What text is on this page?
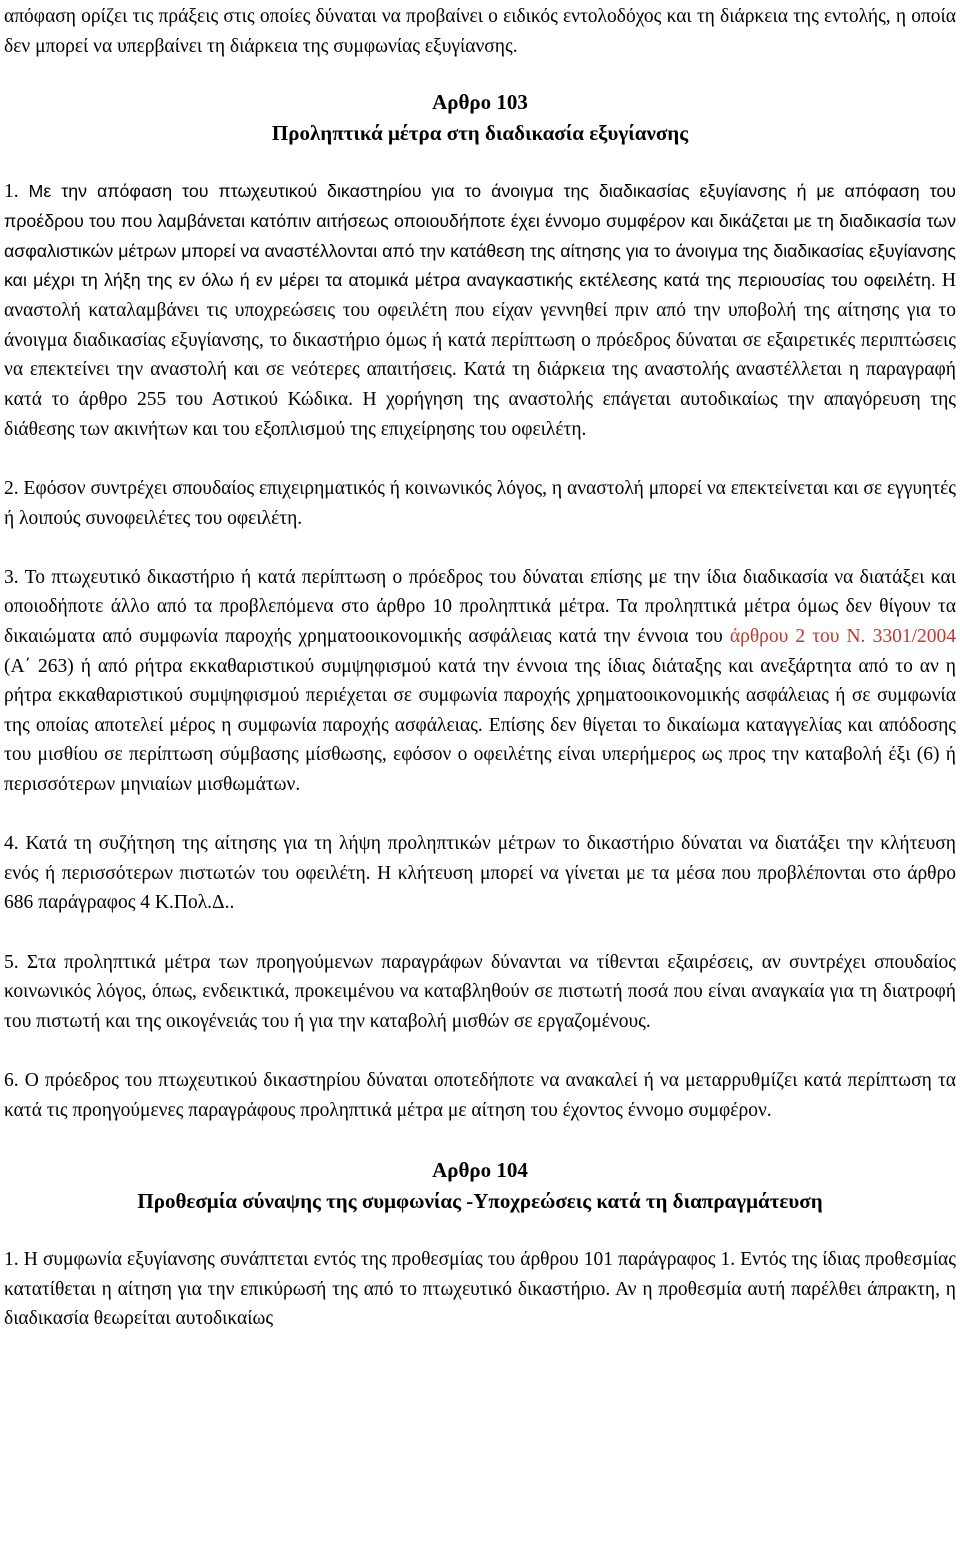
απόφαση ορίζει τις πράξεις στις οποίες δύναται να προβαίνει ο ειδικός εντολοδόχος και τη διάρκεια της εντολής, η οποία δεν μπορεί να υπερβαίνει τη διάρκεια της συμφωνίας εξυγίανσης.

Αρθρο 103
Προληπτικά μέτρα στη διαδικασία εξυγίανσης

1. Με την απόφαση του πτωχευτικού δικαστηρίου για το άνοιγμα της διαδικασίας εξυγίανσης ή με απόφαση του προέδρου του που λαμβάνεται κατόπιν αιτήσεως οποιουδήποτε έχει έννομο συμφέρον και δικάζεται με τη διαδικασία των ασφαλιστικών μέτρων μπορεί να αναστέλλονται από την κατάθεση της αίτησης για το άνοιγμα της διαδικασίας εξυγίανσης και μέχρι τη λήξη της εν όλω ή εν μέρει τα ατομικά μέτρα αναγκαστικής εκτέλεσης κατά της περιουσίας του οφειλέτη. Η αναστολή καταλαμβάνει τις υποχρεώσεις του οφειλέτη που είχαν γεννηθεί πριν από την υποβολή της αίτησης για το άνοιγμα διαδικασίας εξυγίανσης, το δικαστήριο όμως ή κατά περίπτωση ο πρόεδρος δύναται σε εξαιρετικές περιπτώσεις να επεκτείνει την αναστολή και σε νεότερες απαιτήσεις. Κατά τη διάρκεια της αναστολής αναστέλλεται η παραγραφή κατά το άρθρο 255 του Αστικού Κώδικα. Η χορήγηση της αναστολής επάγεται αυτοδικαίως την απαγόρευση της διάθεσης των ακινήτων και του εξοπλισμού της επιχείρησης του οφειλέτη.

2. Εφόσον συντρέχει σπουδαίος επιχειρηματικός ή κοινωνικός λόγος, η αναστολή μπορεί να επεκτείνεται και σε εγγυητές ή λοιπούς συνοφειλέτες του οφειλέτη.

3. Το πτωχευτικό δικαστήριο ή κατά περίπτωση ο πρόεδρος του δύναται επίσης με την ίδια διαδικασία να διατάξει και οποιοδήποτε άλλο από τα προβλεπόμενα στο άρθρο 10 προληπτικά μέτρα. Τα προληπτικά μέτρα όμως δεν θίγουν τα δικαιώματα από συμφωνία παροχής χρηματοοικονομικής ασφάλειας κατά την έννοια του άρθρου 2 του Ν. 3301/2004 (Α΄ 263) ή από ρήτρα εκκαθαριστικού συμψηφισμού κατά την έννοια της ίδιας διάταξης και ανεξάρτητα από το αν η ρήτρα εκκαθαριστικού συμψηφισμού περιέχεται σε συμφωνία παροχής χρηματοοικονομικής ασφάλειας ή σε συμφωνία της οποίας αποτελεί μέρος η συμφωνία παροχής ασφάλειας. Επίσης δεν θίγεται το δικαίωμα καταγγελίας και απόδοσης του μισθίου σε περίπτωση σύμβασης μίσθωσης, εφόσον ο οφειλέτης είναι υπερήμερος ως προς την καταβολή έξι (6) ή περισσότερων μηνιαίων μισθωμάτων.

4. Κατά τη συζήτηση της αίτησης για τη λήψη προληπτικών μέτρων το δικαστήριο δύναται να διατάξει την κλήτευση ενός ή περισσότερων πιστωτών του οφειλέτη. Η κλήτευση μπορεί να γίνεται με τα μέσα που προβλέπονται στο άρθρο 686 παράγραφος 4 Κ.Πολ.Δ..

5. Στα προληπτικά μέτρα των προηγούμενων παραγράφων δύνανται να τίθενται εξαιρέσεις, αν συντρέχει σπουδαίος κοινωνικός λόγος, όπως, ενδεικτικά, προκειμένου να καταβληθούν σε πιστωτή ποσά που είναι αναγκαία για τη διατροφή του πιστωτή και της οικογένειάς του ή για την καταβολή μισθών σε εργαζομένους.

6. Ο πρόεδρος του πτωχευτικού δικαστηρίου δύναται οποτεδήποτε να ανακαλεί ή να μεταρρυθμίζει κατά περίπτωση τα κατά τις προηγούμενες παραγράφους προληπτικά μέτρα με αίτηση του έχοντος έννομο συμφέρον.

Αρθρο 104
Προθεσμία σύναψης της συμφωνίας -Υποχρεώσεις κατά τη διαπραγμάτευση

1. Η συμφωνία εξυγίανσης συνάπτεται εντός της προθεσμίας του άρθρου 101 παράγραφος 1. Εντός της ίδιας προθεσμίας κατατίθεται η αίτηση για την επικύρωσή της από το πτωχευτικό δικαστήριο. Αν η προθεσμία αυτή παρέλθει άπρακτη, η διαδικασία θεωρείται αυτοδικαίως
